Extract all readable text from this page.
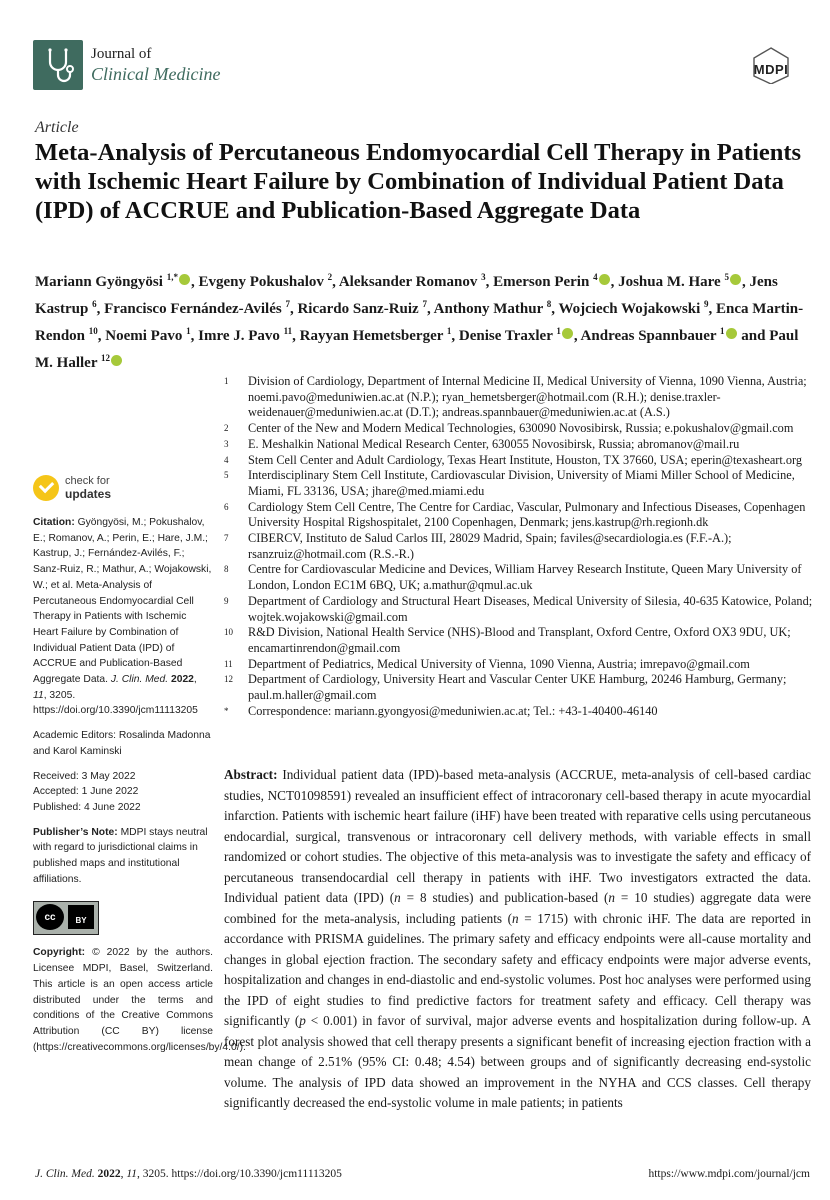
Journal of
Clinical Medicine	MDPI
Article
Meta-Analysis of Percutaneous Endomyocardial Cell Therapy in Patients with Ischemic Heart Failure by Combination of Individual Patient Data (IPD) of ACCRUE and Publication-Based Aggregate Data
Mariann Gyöngyösi $^{1,*}$ , Evgeny Pokushalov $^2$, Aleksander Romanov $^3$, Emerson Perin $^4$ , Joshua M. Hare $^5$ , Jens Kastrup $^6$, Francisco Fernández-Avilés $^7$, Ricardo Sanz-Ruiz $^7$, Anthony Mathur $^8$, Wojciech Wojakowski $^9$, Enca Martin-Rendon $^{10}$, Noemi Pavo $^1$, Imre J. Pavo $^{11}$, Rayyan Hemetsberger $^1$, Denise Traxler $^1$ , Andreas Spannbauer $^1$ and Paul M. Haller $^{12}$
1	Division of Cardiology, Department of Internal Medicine II, Medical University of Vienna, 1090 Vienna, Austria; noemi.pavo@meduniwien.ac.at (N.P.); ryan_hemetsberger@hotmail.com (R.H.); denise.traxler-weidenauer@meduniwien.ac.at (D.T.); andreas.spannbauer@meduniwien.ac.at (A.S.)
2	Center of the New and Modern Medical Technologies, 630090 Novosibirsk, Russia; e.pokushalov@gmail.com
3	E. Meshalkin National Medical Research Center, 630055 Novosibirsk, Russia; abromanov@mail.ru
4	Stem Cell Center and Adult Cardiology, Texas Heart Institute, Houston, TX 37660, USA; eperin@texasheart.org
5	Interdisciplinary Stem Cell Institute, Cardiovascular Division, University of Miami Miller School of Medicine, Miami, FL 33136, USA; jhare@med.miami.edu
6	Cardiology Stem Cell Centre, The Centre for Cardiac, Vascular, Pulmonary and Infectious Diseases, Copenhagen University Hospital Rigshospitalet, 2100 Copenhagen, Denmark; jens.kastrup@rh.regionh.dk
7	CIBERCV, Instituto de Salud Carlos III, 28029 Madrid, Spain; faviles@secardiologia.es (F.F.-A.); rsanzruiz@hotmail.com (R.S.-R.)
8	Centre for Cardiovascular Medicine and Devices, William Harvey Research Institute, Queen Mary University of London, London EC1M 6BQ, UK; a.mathur@qmul.ac.uk
9	Department of Cardiology and Structural Heart Diseases, Medical University of Silesia, 40-635 Katowice, Poland; wojtek.wojakowski@gmail.com
10	R&D Division, National Health Service (NHS)-Blood and Transplant, Oxford Centre, Oxford OX3 9DU, UK; encamartinrendon@gmail.com
11	Department of Pediatrics, Medical University of Vienna, 1090 Vienna, Austria; imrepavo@gmail.com
12	Department of Cardiology, University Heart and Vascular Center UKE Hamburg, 20246 Hamburg, Germany; paul.m.haller@gmail.com
*	Correspondence: mariann.gyongyosi@meduniwien.ac.at; Tel.: +43-1-40400-46140
check for
updates
Citation: Gyöngyösi, M.; Pokushalov, E.; Romanov, A.; Perin, E.; Hare, J.M.; Kastrup, J.; Fernández-Avilés, F.; Sanz-Ruiz, R.; Mathur, A.; Wojakowski, W.; et al. Meta-Analysis of Percutaneous Endomyocardial Cell Therapy in Patients with Ischemic Heart Failure by Combination of Individual Patient Data (IPD) of ACCRUE and Publication-Based Aggregate Data. J. Clin. Med. 2022, 11, 3205. https://doi.org/10.3390/jcm11113205
Academic Editors: Rosalinda Madonna and Karol Kaminski
Received: 3 May 2022
Accepted: 1 June 2022
Published: 4 June 2022
Publisher’s Note: MDPI stays neutral with regard to jurisdictional claims in published maps and institutional affiliations.
cc	BY
Copyright: © 2022 by the authors. Licensee MDPI, Basel, Switzerland. This article is an open access article distributed under the terms and conditions of the Creative Commons Attribution (CC BY) license (https://creativecommons.org/licenses/by/4.0/).

Abstract: Individual patient data (IPD)-based meta-analysis (ACCRUE, meta-analysis of cell-based cardiac studies, NCT01098591) revealed an insufficient effect of intracoronary cell-based therapy in acute myocardial infarction. Patients with ischemic heart failure (iHF) have been treated with reparative cells using percutaneous endocardial, surgical, transvenous or intracoronary cell delivery methods, with variable effects in small randomized or cohort studies. The objective of this meta-analysis was to investigate the safety and efficacy of percutaneous transendocardial cell therapy in patients with iHF. Two investigators extracted the data. Individual patient data (IPD) (n = 8 studies) and publication-based (n = 10 studies) aggregate data were combined for the meta-analysis, including patients (n = 1715) with chronic iHF. The data are reported in accordance with PRISMA guidelines. The primary safety and efficacy endpoints were all-cause mortality and changes in global ejection fraction. The secondary safety and efficacy endpoints were major adverse events, hospitalization and changes in end-diastolic and end-systolic volumes. Post hoc analyses were performed using the IPD of eight studies to find predictive factors for treatment safety and efficacy. Cell therapy was significantly (p < 0.001) in favor of survival, major adverse events and hospitalization during follow-up. A forest plot analysis showed that cell therapy presents a significant benefit of increasing ejection fraction with a mean change of 2.51% (95% CI: 0.48; 4.54) between groups and of significantly decreasing end-systolic volume. The analysis of IPD data showed an improvement in the NYHA and CCS classes. Cell therapy significantly decreased the end-systolic volume in male patients; in patients

J. Clin. Med. 2022, 11, 3205. https://doi.org/10.3390/jcm11113205	https://www.mdpi.com/journal/jcm
